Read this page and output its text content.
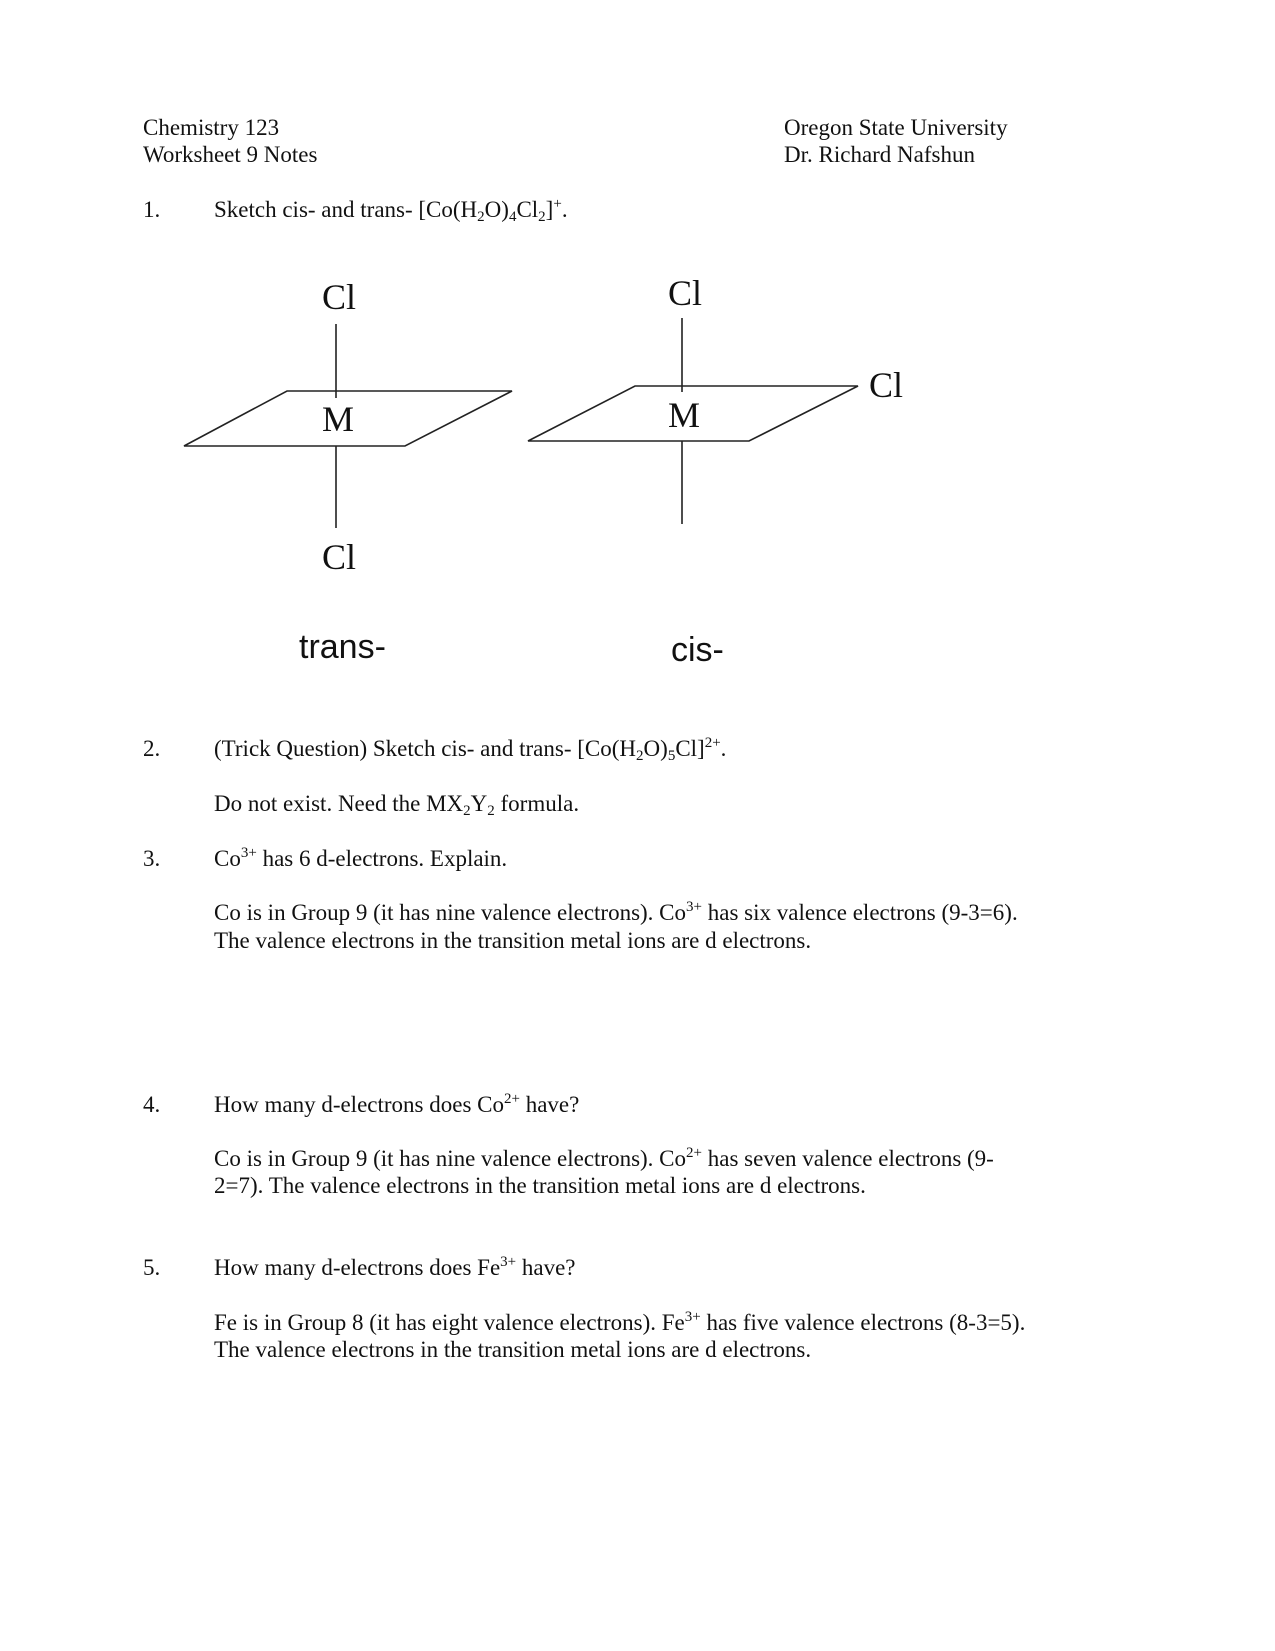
Chemistry 123
Worksheet 9 Notes
Oregon State University
Dr. Richard Nafshun
1. Sketch cis- and trans- $[Co(H_2O)_4Cl_2]^+$.
Cl
M
Cl
trans-
Cl
M
Cl
cis-
2. (Trick Question) Sketch cis- and trans- $[Co(H_2O)_5Cl]^{2+}$.
Do not exist. Need the $MX_2Y_2$ formula.
3. $Co^{3+}$ has 6 d-electrons. Explain.
Co is in Group 9 (it has nine valence electrons). $Co^{3+}$ has six valence electrons (9-3=6).
The valence electrons in the transition metal ions are d electrons.
4. How many d-electrons does $Co^{2+}$ have?
Co is in Group 9 (it has nine valence electrons). $Co^{2+}$ has seven valence electrons (9-
2=7). The valence electrons in the transition metal ions are d electrons.
5. How many d-electrons does $Fe^{3+}$ have?
Fe is in Group 8 (it has eight valence electrons). $Fe^{3+}$ has five valence electrons (8-3=5).
The valence electrons in the transition metal ions are d electrons.
